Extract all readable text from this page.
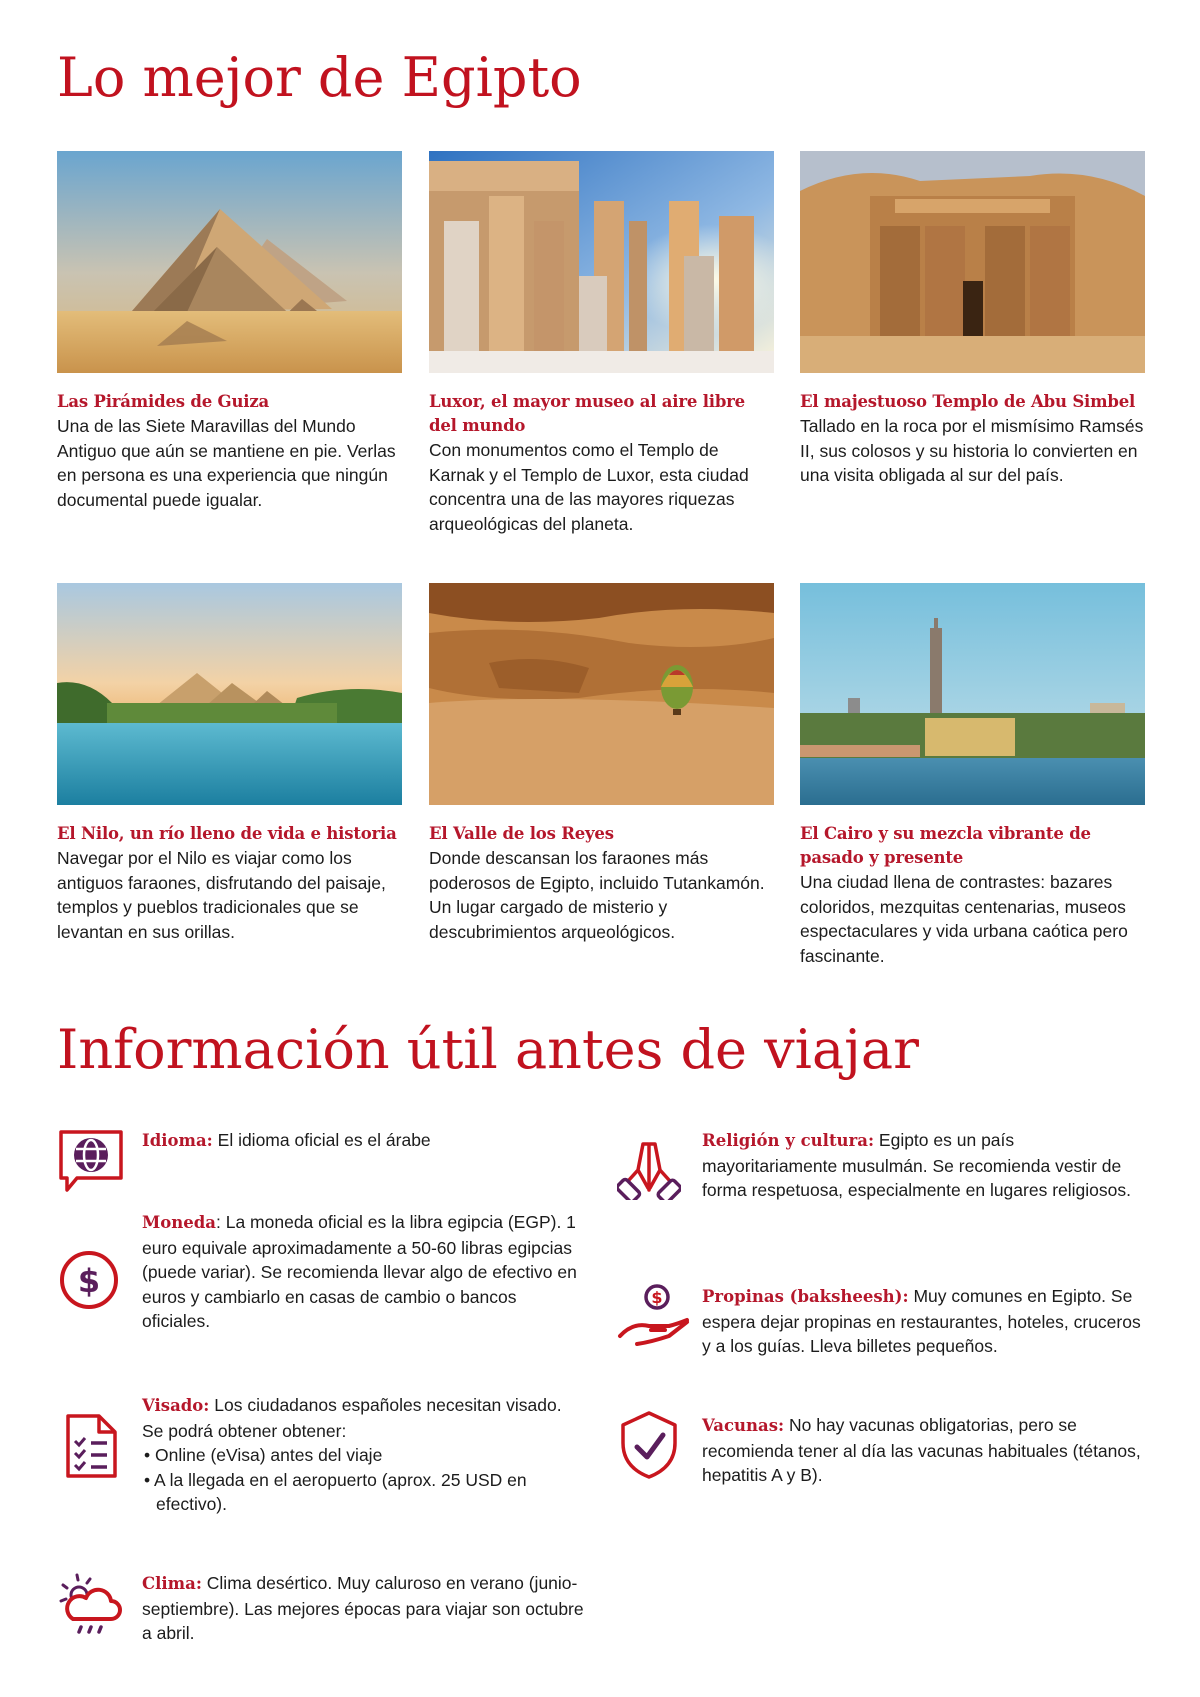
Lo mejor de Egipto
Las Pirámides de Guiza
Una de las Siete Maravillas del Mundo Antiguo que aún se mantiene en pie. Verlas en persona es una experiencia que ningún documental puede igualar.
Luxor, el mayor museo al aire libre del mundo
Con monumentos como el Templo de Karnak y el Templo de Luxor, esta ciudad concentra una de las mayores riquezas arqueológicas del planeta.
El majestuoso Templo de Abu Simbel
Tallado en la roca por el mismísimo Ramsés II, sus colosos y su historia lo convierten en una visita obligada al sur del país.
El Nilo, un río lleno de vida e historia
Navegar por el Nilo es viajar como los antiguos faraones, disfrutando del paisaje, templos y pueblos tradicionales que se levantan en sus orillas.
El Valle de los Reyes
Donde descansan los faraones más poderosos de Egipto, incluido Tutankamón. Un lugar cargado de misterio y descubrimientos arqueológicos.
El Cairo y su mezcla vibrante de pasado y presente
Una ciudad llena de contrastes: bazares coloridos, mezquitas centenarias, museos espectaculares y vida urbana caótica pero fascinante.
Información útil antes de viajar
Idioma: El idioma oficial es el árabe
$
Moneda: La moneda oficial es la libra egipcia (EGP). 1 euro equivale aproximadamente a 50-60 libras egipcias (puede variar). Se recomienda llevar algo de efectivo en euros y cambiarlo en casas de cambio o bancos oficiales.
Visado: Los ciudadanos españoles necesitan visado. Se podrá obtener obtener:
• Online (eVisa) antes del viaje
• A la llegada en el aeropuerto (aprox. 25 USD en efectivo).
Clima: Clima desértico. Muy caluroso en verano (junio-septiembre). Las mejores épocas para viajar son octubre a abril.
Religión y cultura: Egipto es un país mayoritariamente musulmán. Se recomienda vestir de forma respetuosa, especialmente en lugares religiosos.
$ Propinas (baksheesh): Muy comunes en Egipto. Se espera dejar propinas en restaurantes, hoteles, cruceros y a los guías. Lleva billetes pequeños.
Vacunas: No hay vacunas obligatorias, pero se recomienda tener al día las vacunas habituales (tétanos, hepatitis A y B).
